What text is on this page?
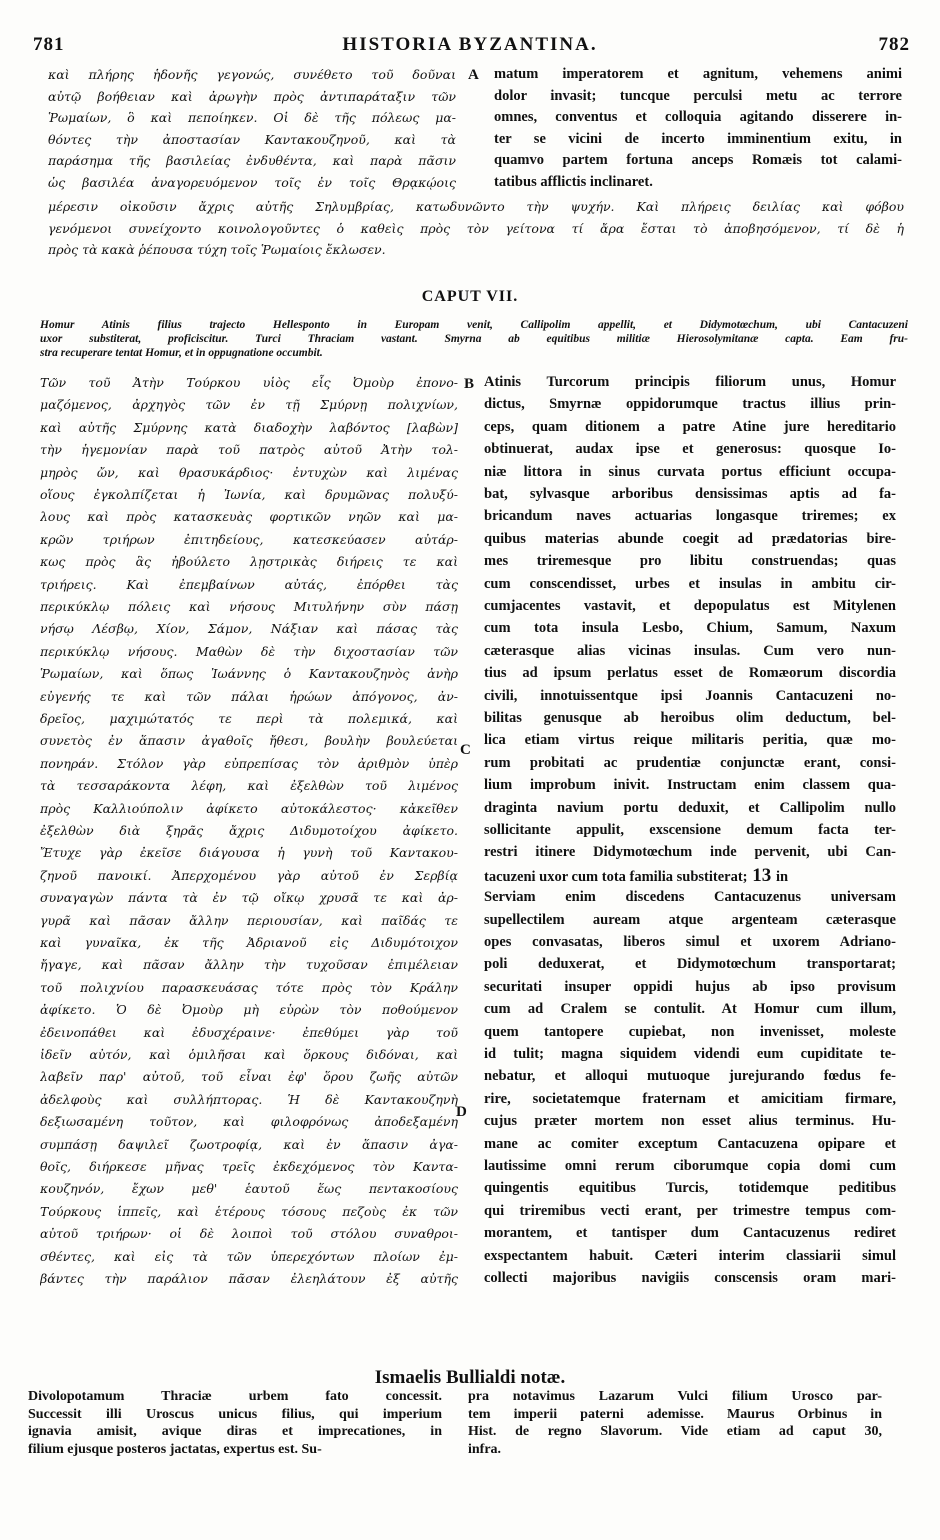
781	HISTORIA BYZANTINA.	782
καὶ πλήρης ἡδονῆς γεγονώς, συνέθετο τοῦ δοῦναι
αὐτῷ βοήθειαν καὶ ἀρωγὴν πρὸς ἀντιπαράταξιν τῶν
Ῥωμαίων, ὃ καὶ πεποίηκεν. Οἱ δὲ τῆς πόλεως μα-
θόντες τὴν ἀποστασίαν Καντακουζηνοῦ, καὶ τὰ
παράσημα τῆς βασιλείας ἐνδυθέντα, καὶ παρὰ πᾶσιν
ὡς βασιλέα ἀναγορευόμενον τοῖς ἐν τοῖς Θρᾳκῴοις
matum imperatorem et agnitum, vehemens animi
dolor invasit; tuncque perculsi metu ac terrore
omnes, conventus et colloquia agitando disserere in-
ter se vicini de incerto imminentium exitu, in
quamvo partem fortuna anceps Romæis tot calami-
tatibus afflictis inclinaret.
μέρεσιν οἰκοῦσιν ἄχρις αὐτῆς Σηλυμβρίας, κατωδυνῶντο τὴν ψυχήν. Καὶ πλήρεις δειλίας καὶ φόβου
γενόμενοι συνείχοντο κοινολογοῦντες ὁ καθεὶς πρὸς τὸν γείτονα τί ἄρα ἔσται τὸ ἀποβησόμενον, τί δὲ ἡ
πρὸς τὰ κακὰ ῥέπουσα τύχη τοῖς Ῥωμαίοις ἔκλωσεν.
A
CAPUT VII.
Homur Atinis filius trajecto Hellesponto in Europam venit, Callipolim appellit, et Didymotœchum, ubi Cantacuzeni
uxor substiterat, proficiscitur. Turci Thraciam vastant. Smyrna ab equitibus militiæ Hierosolymitanæ capta. Eam fru-
stra recuperare tentat Homur, et in oppugnatione occumbit.
B
C
D
Τῶν τοῦ Ἀτὴν Τούρκου υἱὸς εἷς Ὀμοὺρ ἐπονο-
μαζόμενος, ἀρχηγὸς τῶν ἐν τῇ Σμύρνῃ πολιχνίων,
καὶ αὐτῆς Σμύρνης κατὰ διαδοχὴν λαβόντος [λαβὼν]
τὴν ἡγεμονίαν παρὰ τοῦ πατρὸς αὐτοῦ Ἀτὴν τολ-
μηρὸς ὤν, καὶ θρασυκάρδιος· ἐντυχὼν καὶ λιμένας
οἵους ἐγκολπίζεται ἡ Ἰωνία, καὶ δρυμῶνας πολυξύ-
λους καὶ πρὸς κατασκευὰς φορτικῶν νηῶν καὶ μα-
κρῶν τριήρων ἐπιτηδείους, κατεσκεύασεν αὐτάρ-
κως πρὸς ἃς ἠβούλετο λῃστρικὰς διήρεις τε καὶ
τριήρεις. Καὶ ἐπεμβαίνων αὐτάς, ἐπόρθει τὰς
περικύκλῳ πόλεις καὶ νήσους Μιτυλήνην σὺν πάσῃ
νήσῳ Λέσβῳ, Χίον, Σάμον, Νάξιαν καὶ πάσας τὰς
περικύκλῳ νήσους. Μαθὼν δὲ τὴν διχοστασίαν τῶν
Ῥωμαίων, καὶ ὅπως Ἰωάννης ὁ Καντακουζηνὸς ἀνὴρ
εὐγενής τε καὶ τῶν πάλαι ἡρώων ἀπόγονος, ἀν-
δρεῖος, μαχιμώτατός τε περὶ τὰ πολεμικά, καὶ
συνετὸς ἐν ἅπασιν ἀγαθοῖς ἤθεσι, βουλὴν βουλεύεται
πονηράν. Στόλον γὰρ εὐπρεπίσας τὸν ἀριθμὸν ὑπὲρ
τὰ τεσσαράκοντα λέφη, καὶ ἐξελθὼν τοῦ λιμένος
πρὸς Καλλιούπολιν ἀφίκετο αὐτοκάλεστος· κἀκεῖθεν
ἐξελθὼν διὰ ξηρᾶς ἄχρις Διδυμοτοίχου ἀφίκετο.
Ἔτυχε γὰρ ἐκεῖσε διάγουσα ἡ γυνὴ τοῦ Καντακου-
ζηνοῦ πανοικί. Ἀπερχομένου γὰρ αὐτοῦ ἐν Σερβίᾳ
συναγαγὼν πάντα τὰ ἐν τῷ οἴκῳ χρυσᾶ τε καὶ ἀρ-
γυρᾶ καὶ πᾶσαν ἄλλην περιουσίαν, καὶ παῖδάς τε
καὶ γυναῖκα, ἐκ τῆς Ἀδριανοῦ εἰς Διδυμότοιχον
ἤγαγε, καὶ πᾶσαν ἄλλην τὴν τυχοῦσαν ἐπιμέλειαν
τοῦ πολιχνίου παρασκευάσας τότε πρὸς τὸν Κράλην
ἀφίκετο. Ὁ δὲ Ὀμοὺρ μὴ εὑρὼν τὸν ποθούμενον
ἐδεινοπάθει καὶ ἐδυσχέραινε· ἐπεθύμει γὰρ τοῦ
ἰδεῖν αὐτόν, καὶ ὁμιλῆσαι καὶ ὅρκους διδόναι, καὶ
λαβεῖν παρ' αὐτοῦ, τοῦ εἶναι ἐφ' ὅρου ζωῆς αὐτῶν
ἀδελφοὺς καὶ συλλήπτορας. Ἡ δὲ Καντακουζηνὴ
δεξιωσαμένη τοῦτον, καὶ φιλοφρόνως ἀποδεξαμένη
συμπάσῃ δαψιλεῖ ζωοτροφίᾳ, καὶ ἐν ἅπασιν ἀγα-
θοῖς, διήρκεσε μῆνας τρεῖς ἐκδεχόμενος τὸν Καντα-
κουζηνόν, ἔχων μεθ' ἑαυτοῦ ἕως πεντακοσίους
Τούρκους ἱππεῖς, καὶ ἑτέρους τόσους πεζοὺς ἐκ τῶν
αὐτοῦ τριήρων· οἱ δὲ λοιποὶ τοῦ στόλου συναθροι-
σθέντες, καὶ εἰς τὰ τῶν ὑπερεχόντων πλοίων ἐμ-
βάντες τὴν παράλιον πᾶσαν ἐλεηλάτουν ἐξ αὐτῆς
Atinis Turcorum principis filiorum unus, Homur
dictus, Smyrnæ oppidorumque tractus illius prin-
ceps, quam ditionem a patre Atine jure hereditario
obtinuerat, audax ipse et generosus: quosque Io-
niæ littora in sinus curvata portus efficiunt occupa-
bat, sylvasque arboribus densissimas aptis ad fa-
bricandum naves actuarias longasque triremes; ex
quibus materias abunde coegit ad prædatorias bire-
mes triremesque pro libitu construendas; quas
cum conscendisset, urbes et insulas in ambitu cir-
cumjacentes vastavit, et depopulatus est Mitylenen
cum tota insula Lesbo, Chium, Samum, Naxum
cæterasque alias vicinas insulas. Cum vero nun-
tius ad ipsum perlatus esset de Romæorum discordia
civili, innotuissentque ipsi Joannis Cantacuzeni no-
bilitas genusque ab heroibus olim deductum, bel-
lica etiam virtus reique militaris peritia, quæ mo-
rum probitati ac prudentiæ conjunctæ erant, consi-
lium improbum inivit. Instructam enim classem qua-
draginta navium portu deduxit, et Callipolim nullo
sollicitante appulit, exscensione demum facta ter-
restri itinere Didymotœchum inde pervenit, ubi Can-
tacuzeni uxor cum tota familia substiterat; 13 in
Serviam enim discedens Cantacuzenus universam
supellectilem auream atque argenteam cæterasque
opes convasatas, liberos simul et uxorem Adriano-
poli deduxerat, et Didymotœchum transportarat;
securitati insuper oppidi hujus ab ipso provisum
cum ad Cralem se contulit. At Homur cum illum,
quem tantopere cupiebat, non invenisset, moleste
id tulit; magna siquidem videndi eum cupiditate te-
nebatur, et alloqui mutuoque jurejurando fœdus fe-
rire, societatemque fraternam et amicitiam firmare,
cujus præter mortem non esset alius terminus. Hu-
mane ac comiter exceptum Cantacuzena opipare et
lautissime omni rerum ciborumque copia domi cum
quingentis equitibus Turcis, totidemque peditibus
qui triremibus vecti erant, per trimestre tempus com-
morantem, et tantisper dum Cantacuzenus rediret
exspectantem habuit. Cæteri interim classiarii simul
collecti majoribus navigiis conscensis oram mari-
Ismaelis Bullialdi notæ.
Divolopotamum Thraciæ urbem fato concessit.
Successit illi Uroscus unicus filius, qui imperium
ignavia amisit, avique diras et imprecationes, in
filium ejusque posteros jactatas, expertus est. Su-
pra notavimus Lazarum Vulci filium Urosco par-
tem imperii paterni ademisse. Maurus Orbinus in
Hist. de regno Slavorum. Vide etiam ad caput 30,
infra.
